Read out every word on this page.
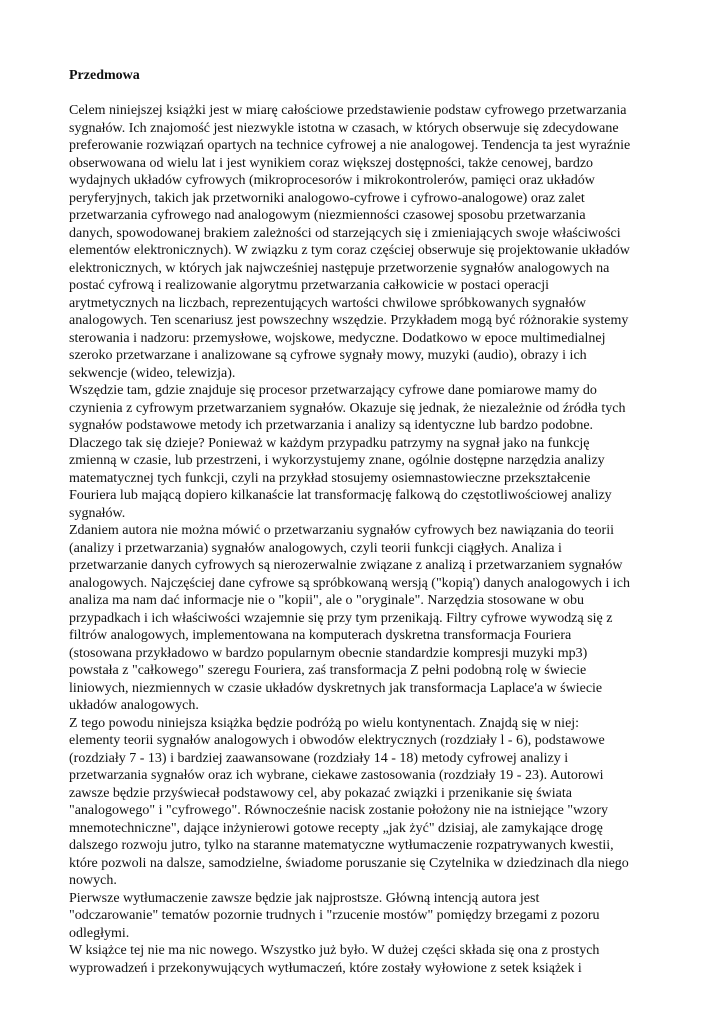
Przedmowa
Celem niniejszej książki jest w miarę całościowe przedstawienie podstaw cyfrowego przetwarzania
sygnałów. Ich znajomość jest niezwykle istotna w czasach, w których obserwuje się zdecydowane
preferowanie rozwiązań opartych na technice cyfrowej a nie analogowej. Tendencja ta jest wyraźnie
obserwowana od wielu lat i jest wynikiem coraz większej dostępności, także cenowej, bardzo
wydajnych układów cyfrowych (mikroprocesorów i mikrokontrolerów, pamięci oraz układów
peryferyjnych, takich jak przetworniki analogowo-cyfrowe i cyfrowo-analogowe) oraz zalet
przetwarzania cyfrowego nad analogowym (niezmienności czasowej sposobu przetwarzania
danych, spowodowanej brakiem zależności od starzejących się i zmieniających swoje właściwości
elementów elektronicznych). W związku z tym coraz częściej obserwuje się projektowanie układów
elektronicznych, w których jak najwcześniej następuje przetworzenie sygnałów analogowych na
postać cyfrową i realizowanie algorytmu przetwarzania całkowicie w postaci operacji
arytmetycznych na liczbach, reprezentujących wartości chwilowe spróbkowanych sygnałów
analogowych. Ten scenariusz jest powszechny wszędzie. Przykładem mogą być różnorakie systemy
sterowania i nadzoru: przemysłowe, wojskowe, medyczne. Dodatkowo w epoce multimedialnej
szeroko przetwarzane i analizowane są cyfrowe sygnały mowy, muzyki (audio), obrazy i ich
sekwencje (wideo, telewizja).
Wszędzie tam, gdzie znajduje się procesor przetwarzający cyfrowe dane pomiarowe mamy do
czynienia z cyfrowym przetwarzaniem sygnałów. Okazuje się jednak, że niezależnie od źródła tych
sygnałów podstawowe metody ich przetwarzania i analizy są identyczne lub bardzo podobne.
Dlaczego tak się dzieje? Ponieważ w każdym przypadku patrzymy na sygnał jako na funkcję
zmienną w czasie, lub przestrzeni, i wykorzystujemy znane, ogólnie dostępne narzędzia analizy
matematycznej tych funkcji, czyli na przykład stosujemy osiemnastowieczne przekształcenie
Fouriera lub mającą dopiero kilkanaście lat transformację falkową do częstotliwościowej analizy
sygnałów.
Zdaniem autora nie można mówić o przetwarzaniu sygnałów cyfrowych bez nawiązania do teorii
(analizy i przetwarzania) sygnałów analogowych, czyli teorii funkcji ciągłych. Analiza i
przetwarzanie danych cyfrowych są nierozerwalnie związane z analizą i przetwarzaniem sygnałów
analogowych. Najczęściej dane cyfrowe są spróbkowaną wersją ("kopią') danych analogowych i ich
analiza ma nam dać informacje nie o "kopii", ale o "oryginale". Narzędzia stosowane w obu
przypadkach i ich właściwości wzajemnie się przy tym przenikają. Filtry cyfrowe wywodzą się z
filtrów analogowych, implementowana na komputerach dyskretna transformacja Fouriera
(stosowana przykładowo w bardzo popularnym obecnie standardzie kompresji muzyki mp3)
powstała z "całkowego" szeregu Fouriera, zaś transformacja Z pełni podobną rolę w świecie
liniowych, niezmiennych w czasie układów dyskretnych jak transformacja Laplace'a w świecie
układów analogowych.
Z tego powodu niniejsza książka będzie podróżą po wielu kontynentach. Znajdą się w niej:
elementy teorii sygnałów analogowych i obwodów elektrycznych (rozdziały l - 6), podstawowe
(rozdziały 7 - 13) i bardziej zaawansowane (rozdziały 14 - 18) metody cyfrowej analizy i
przetwarzania sygnałów oraz ich wybrane, ciekawe zastosowania (rozdziały 19 - 23). Autorowi
zawsze będzie przyświecał podstawowy cel, aby pokazać związki i przenikanie się świata
"analogowego" i "cyfrowego". Równocześnie nacisk zostanie położony nie na istniejące "wzory
mnemotechniczne", dające inżynierowi gotowe recepty „jak żyć" dzisiaj, ale zamykające drogę
dalszego rozwoju jutro, tylko na staranne matematyczne wytłumaczenie rozpatrywanych kwestii,
które pozwoli na dalsze, samodzielne, świadome poruszanie się Czytelnika w dziedzinach dla niego
nowych.
Pierwsze wytłumaczenie zawsze będzie jak najprostsze. Główną intencją autora jest
"odczarowanie" tematów pozornie trudnych i "rzucenie mostów" pomiędzy brzegami z pozoru
odległymi.
W książce tej nie ma nic nowego. Wszystko już było. W dużej części składa się ona z prostych
wyprowadzeń i przekonywujących wytłumaczeń, które zostały wyłowione z setek książek i
